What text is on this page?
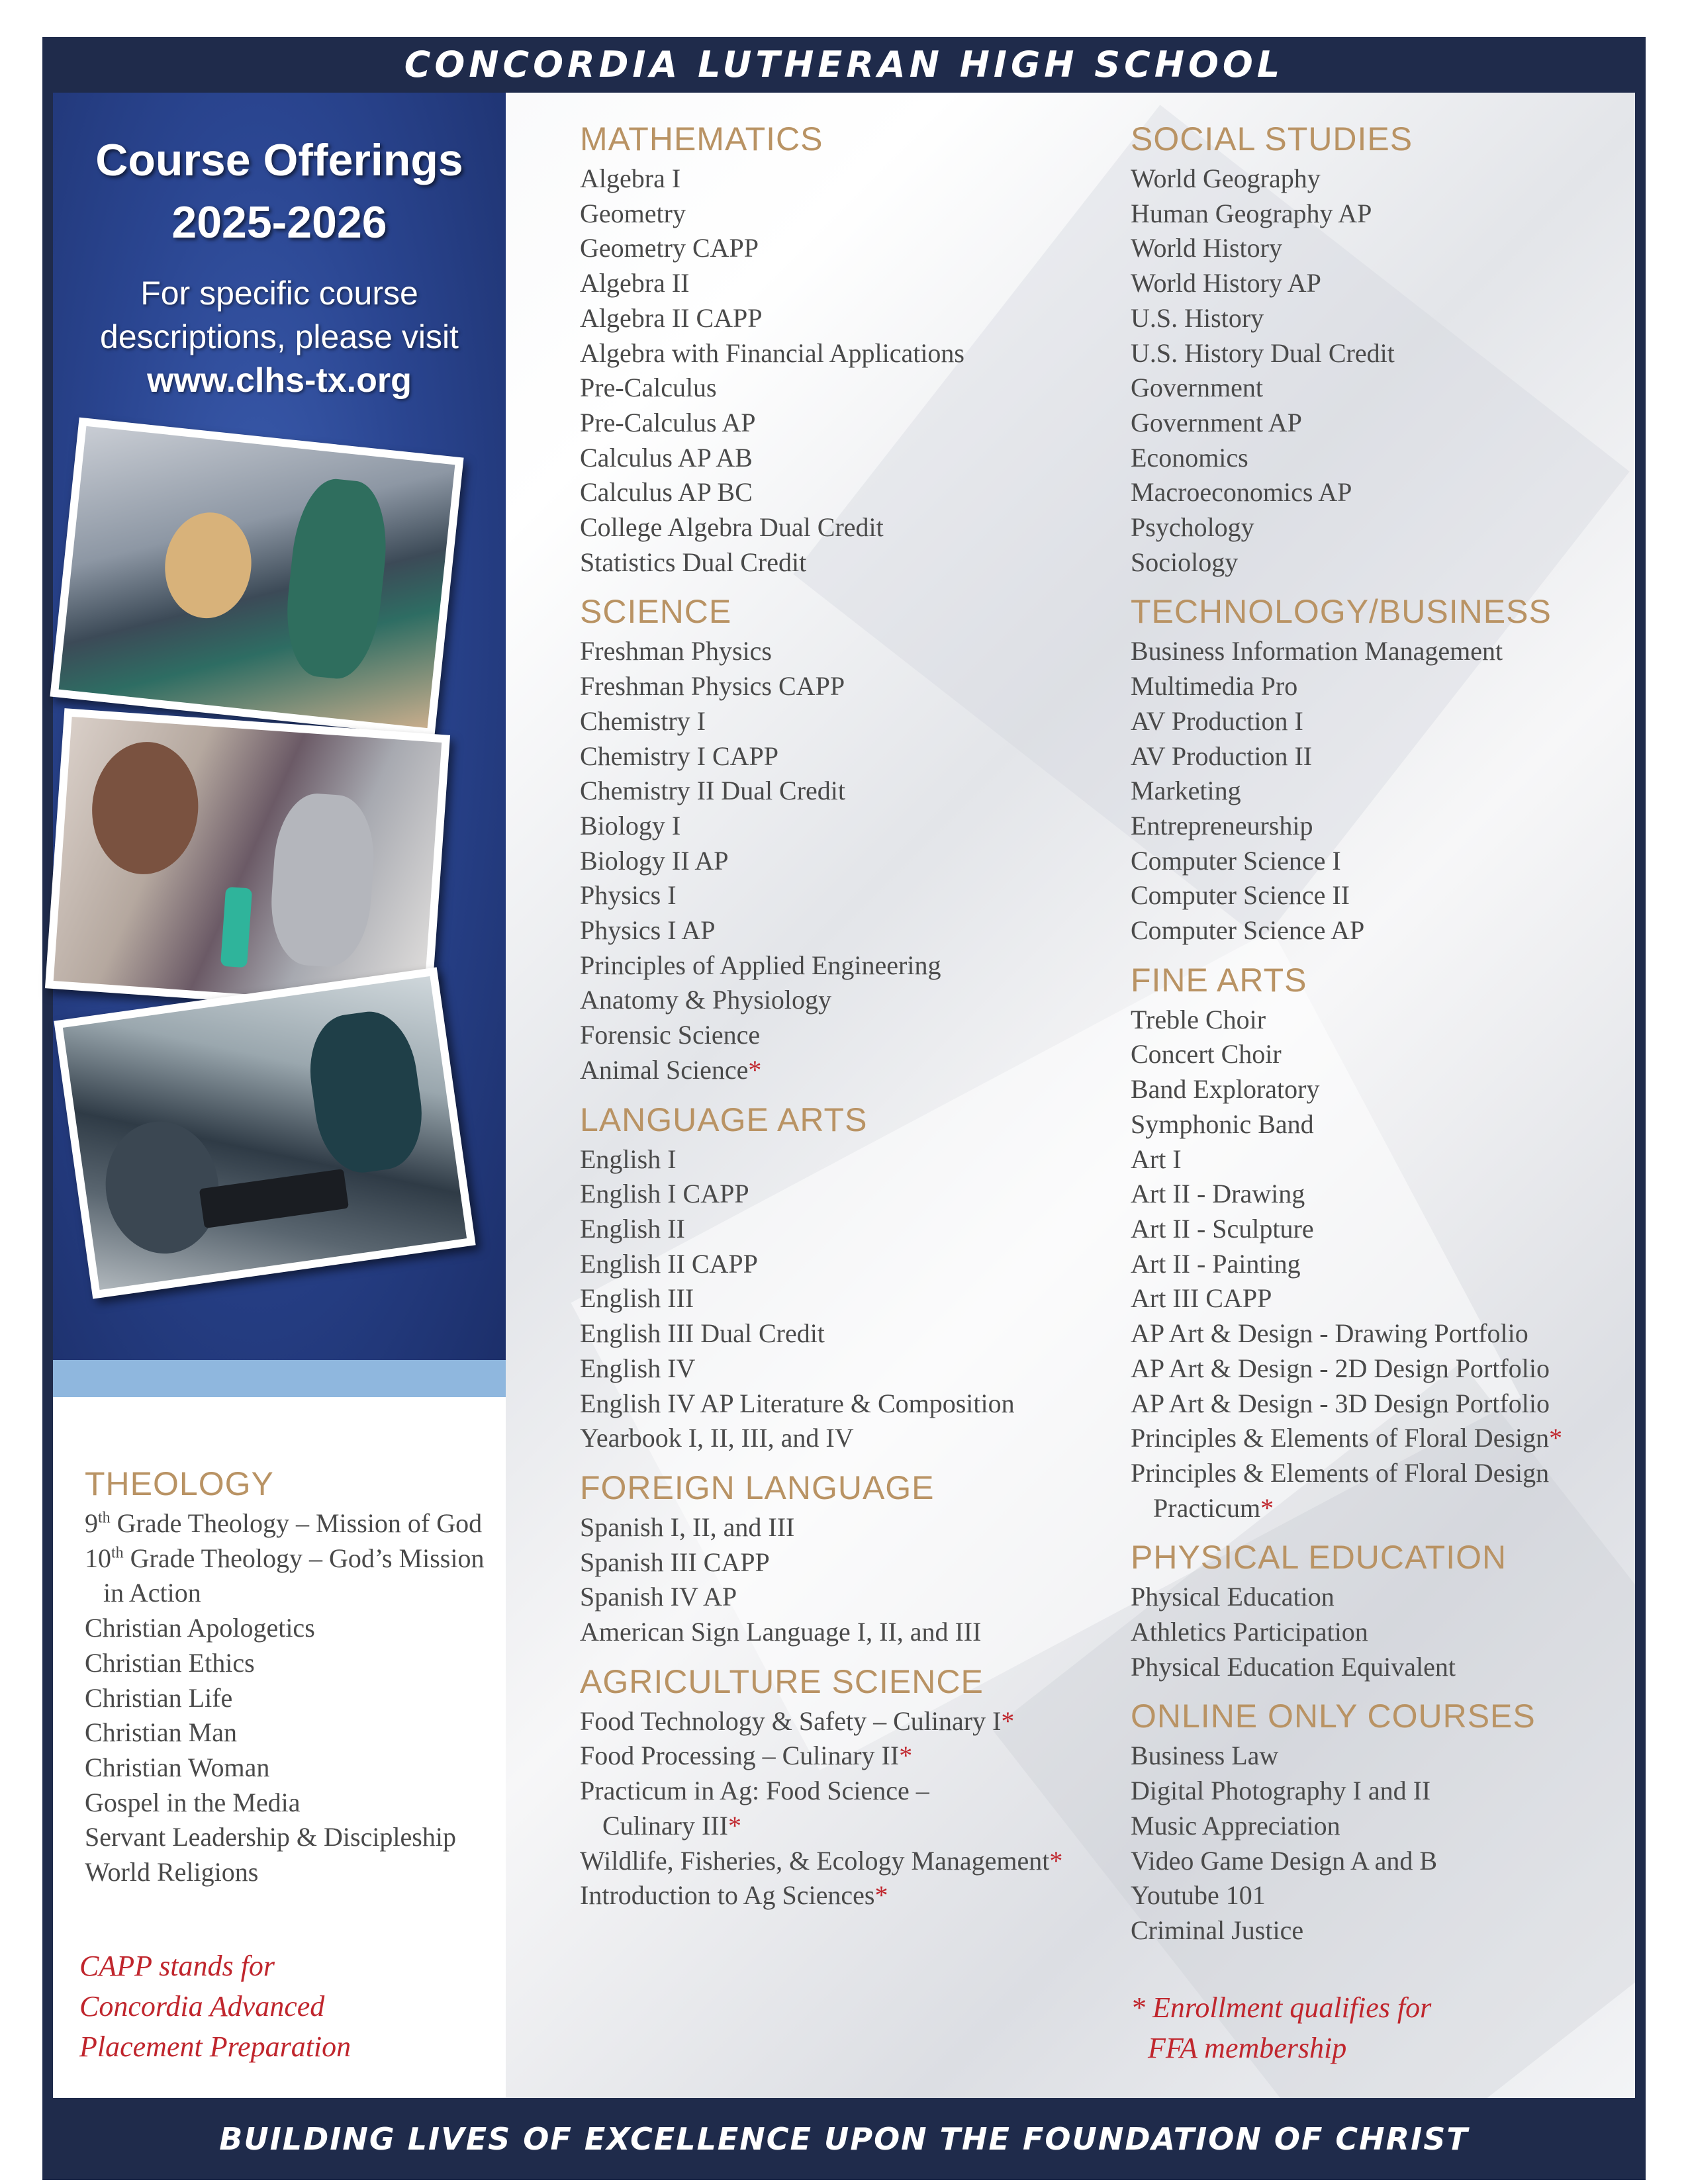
CONCORDIA LUTHERAN HIGH SCHOOL
Course Offerings
2025-2026
For specific course
descriptions, please visit
www.clhs-tx.org
MATHEMATICS
Algebra I
Geometry
Geometry CAPP
Algebra II
Algebra II CAPP
Algebra with Financial Applications
Pre-Calculus
Pre-Calculus AP
Calculus AP AB
Calculus AP BC
College Algebra Dual Credit
Statistics Dual Credit
SCIENCE
Freshman Physics
Freshman Physics CAPP
Chemistry I
Chemistry I CAPP
Chemistry II Dual Credit
Biology I
Biology II AP
Physics I
Physics I AP
Principles of Applied Engineering
Anatomy & Physiology
Forensic Science
Animal Science*
LANGUAGE ARTS
English I
English I CAPP
English II
English II CAPP
English III
English III Dual Credit
English IV
English IV AP Literature & Composition
Yearbook I, II, III, and IV
FOREIGN LANGUAGE
Spanish I, II, and III
Spanish III CAPP
Spanish IV AP
American Sign Language I, II, and III
AGRICULTURE SCIENCE
Food Technology & Safety – Culinary I*
Food Processing – Culinary II*
Practicum in Ag: Food Science –
Culinary III*
Wildlife, Fisheries, & Ecology Management*
Introduction to Ag Sciences*
SOCIAL STUDIES
World Geography
Human Geography AP
World History
World History AP
U.S. History
U.S. History Dual Credit
Government
Government AP
Economics
Macroeconomics AP
Psychology
Sociology
TECHNOLOGY/BUSINESS
Business Information Management
Multimedia Pro
AV Production I
AV Production II
Marketing
Entrepreneurship
Computer Science I
Computer Science II
Computer Science AP
FINE ARTS
Treble Choir
Concert Choir
Band Exploratory
Symphonic Band
Art I
Art II - Drawing
Art II - Sculpture
Art II - Painting
Art III CAPP
AP Art & Design - Drawing Portfolio
AP Art & Design - 2D Design Portfolio
AP Art & Design - 3D Design Portfolio
Principles & Elements of Floral Design*
Principles & Elements of Floral Design
Practicum*
PHYSICAL EDUCATION
Physical Education
Athletics Participation
Physical Education Equivalent
ONLINE ONLY COURSES
Business Law
Digital Photography I and II
Music Appreciation
Video Game Design A and B
Youtube 101
Criminal Justice
THEOLOGY
9th Grade Theology – Mission of God
10th Grade Theology – God’s Mission
in Action
Christian Apologetics
Christian Ethics
Christian Life
Christian Man
Christian Woman
Gospel in the Media
Servant Leadership & Discipleship
World Religions
CAPP stands for
Concordia Advanced
Placement Preparation
* Enrollment qualifies for
FFA membership
BUILDING LIVES OF EXCELLENCE UPON THE FOUNDATION OF CHRIST
